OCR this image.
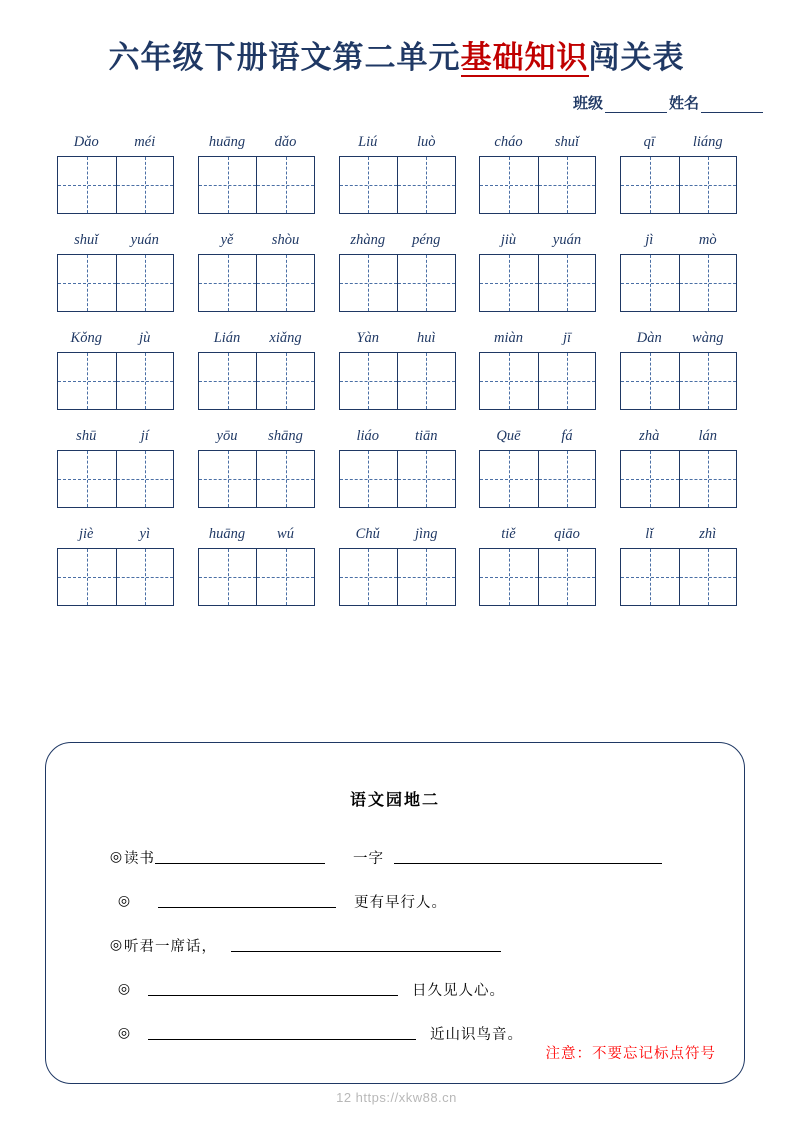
六年级下册语文第二单元基础知识闯关表
班级	姓名
Dǎo	méi
shuǐ	yuán
Kǒng	jù
shū	jí
jiè	yì
huāng	dǎo
yě	shòu
Lián	xiǎng
yōu	shāng
huāng	wú
Liú	luò
zhàng	péng
Yàn	huì
liáo	tiān
Chǔ	jìng
cháo	shuǐ
jiù	yuán
miàn	jī
Quē	fá
tiě	qiāo
qī	liáng
jì	mò
Dàn	wàng
zhà	lán
lǐ	zhì
语文园地二
◎ 读书	一字
◎	更有早行人。
◎ 听君一席话，
◎	日久见人心。
◎	近山识鸟音。
注意：不要忘记标点符号
12 https://xkw88.cn
